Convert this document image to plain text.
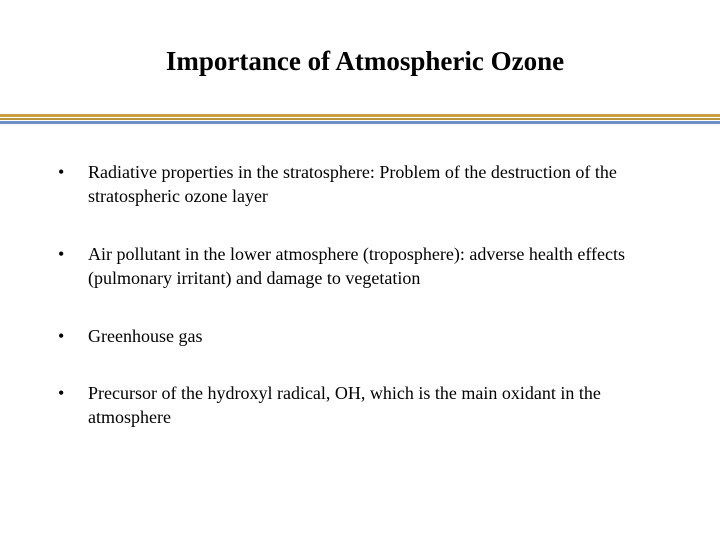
Importance of Atmospheric Ozone
•	Radiative properties in the stratosphere: Problem of the destruction of the stratospheric ozone layer
•	Air pollutant in the lower atmosphere (troposphere): adverse health effects (pulmonary irritant) and damage to vegetation
•	Greenhouse gas
•	Precursor of the hydroxyl radical, OH, which is the main oxidant in the atmosphere
